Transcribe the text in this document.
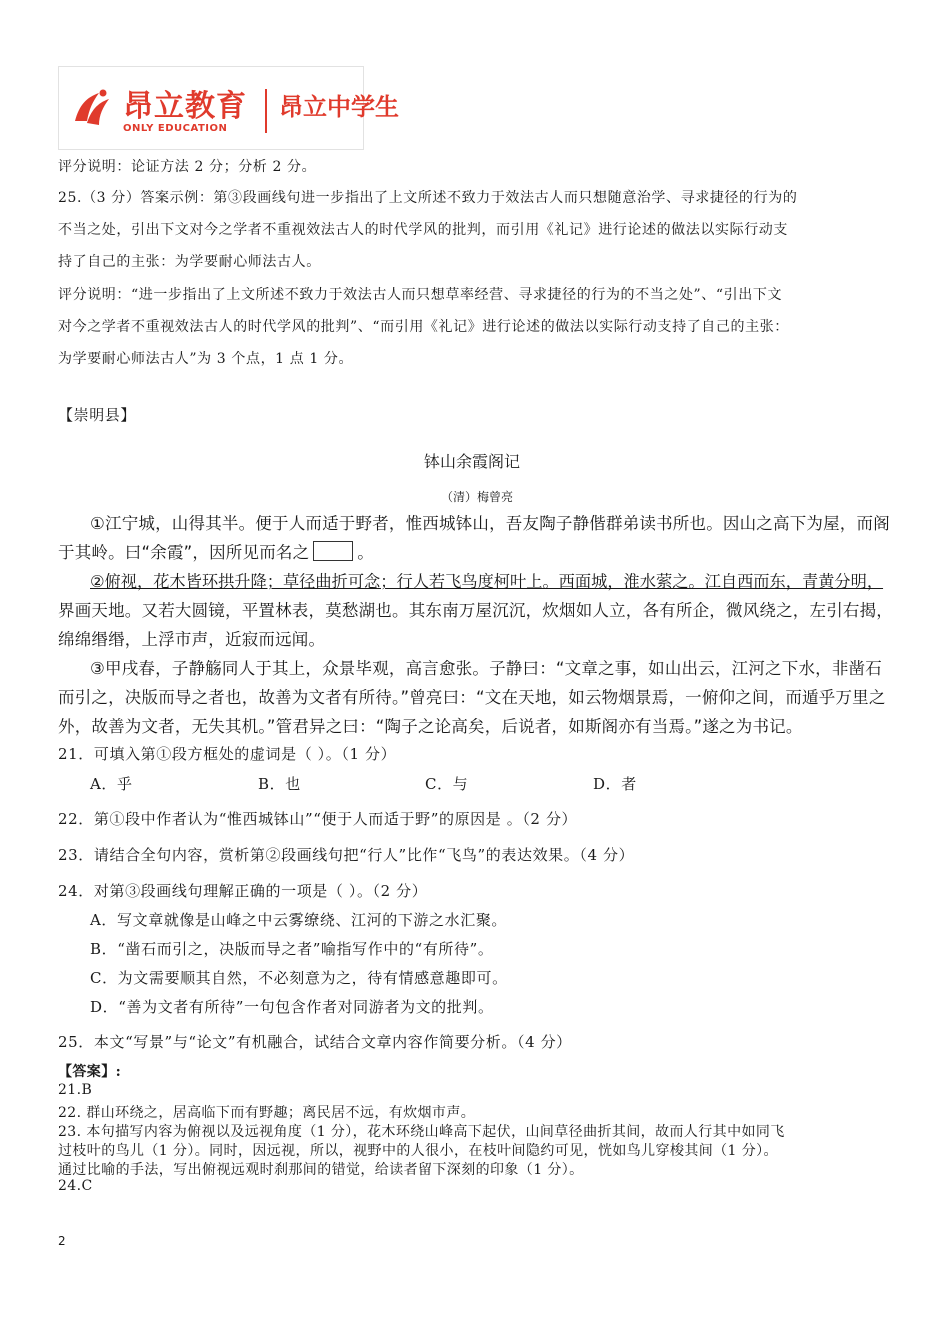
昂立教育
ONLY EDUCATION
昂立中学生
评分说明：论证方法 2 分；分析 2 分。
25.（3 分）答案示例：第③段画线句进一步指出了上文所述不致力于效法古人而只想随意治学、寻求捷径的行为的
不当之处，引出下文对今之学者不重视效法古人的时代学风的批判，而引用《礼记》进行论述的做法以实际行动支
持了自己的主张：为学要耐心师法古人。
评分说明：“进一步指出了上文所述不致力于效法古人而只想草率经营、寻求捷径的行为的不当之处”、“引出下文
对今之学者不重视效法古人的时代学风的批判”、“而引用《礼记》进行论述的做法以实际行动支持了自己的主张：
为学要耐心师法古人”为 3 个点，1 点 1 分。
【崇明县】
钵山余霞阁记
（清）梅曾亮
①江宁城，山得其半。便于人而适于野者，惟西城钵山，吾友陶子静偕群弟读书所也。因山之高下为屋，而阁
于其岭。曰“余霞”，因所见而名之	。
②俯视，花木皆环拱升降；草径曲折可念；行人若飞鸟度柯叶上。西面城，淮水萦之。江自西而东，青黄分明，
界画天地。又若大圆镜，平置林表，莫愁湖也。其东南万屋沉沉，炊烟如人立，各有所企，微风绕之，左引右揭，
绵绵缗缗，上浮市声，近寂而远闻。
③甲戌春，子静觞同人于其上，众景毕观，高言愈张。子静曰：“文章之事，如山出云，江河之下水，非凿石
而引之，决版而导之者也，故善为文者有所待。”曾亮曰：“文在天地，如云物烟景焉，一俯仰之间，而遁乎万里之
外，故善为文者，无失其机。”管君异之曰：“陶子之论高矣，后说者，如斯阁亦有当焉。”遂之为书记。
21．可填入第①段方框处的虚词是（ ）。（1 分）
A．乎	B．也	C．与	D．者
22．第①段中作者认为“惟西城钵山”“便于人而适于野”的原因是 。（2 分）
23．请结合全句内容，赏析第②段画线句把“行人”比作“飞鸟”的表达效果。（4 分）
24．对第③段画线句理解正确的一项是（ ）。（2 分）
A．写文章就像是山峰之中云雾缭绕、江河的下游之水汇聚。
B．“凿石而引之，决版而导之者”喻指写作中的“有所待”。
C．为文需要顺其自然，不必刻意为之，待有情感意趣即可。
D．“善为文者有所待”一句包含作者对同游者为文的批判。
25．本文“写景”与“论文”有机融合，试结合文章内容作简要分析。（4 分）
【答案】:
21.B
22. 群山环绕之，居高临下而有野趣；离民居不远，有炊烟市声。
23. 本句描写内容为俯视以及远视角度（1 分），花木环绕山峰高下起伏，山间草径曲折其间，故而人行其中如同飞
过枝叶的鸟儿（1 分）。同时，因远视，所以，视野中的人很小，在枝叶间隐约可见，恍如鸟儿穿梭其间（1 分）。
通过比喻的手法，写出俯视远观时刹那间的错觉，给读者留下深刻的印象（1 分）。
24.C
2
